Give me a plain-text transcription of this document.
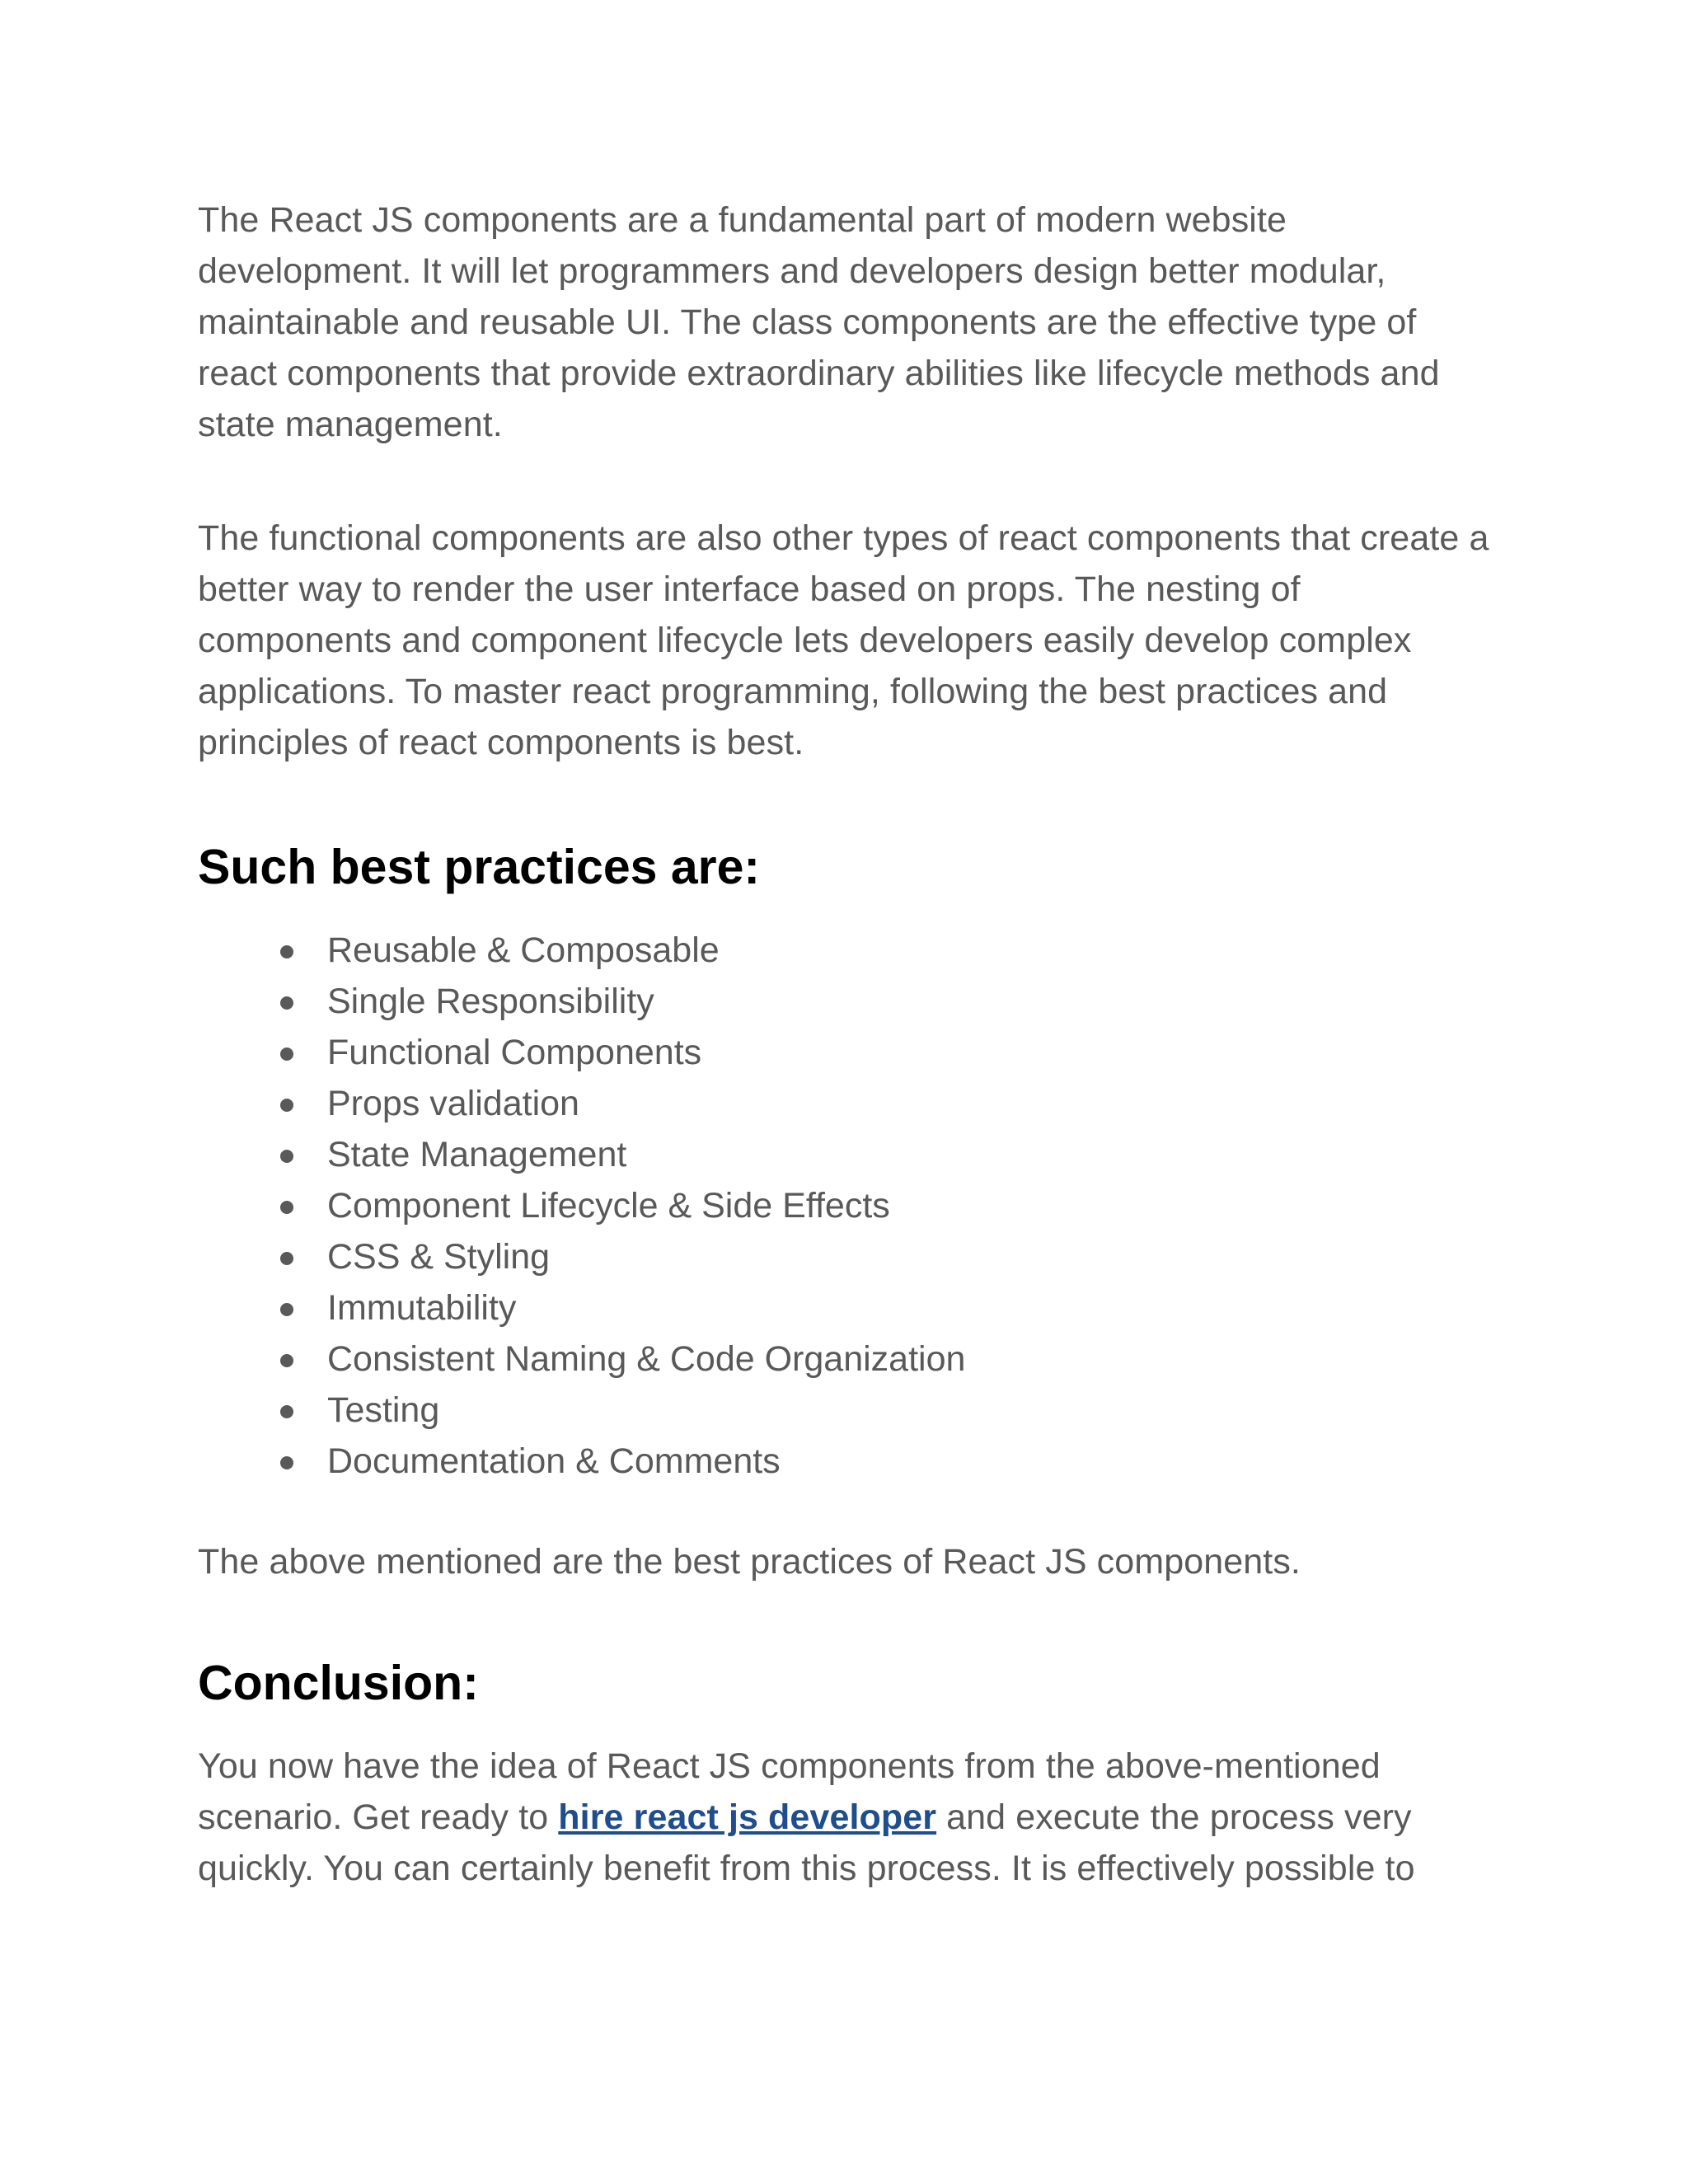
The React JS components are a fundamental part of modern website development. It will let programmers and developers design better modular, maintainable and reusable UI. The class components are the effective type of react components that provide extraordinary abilities like lifecycle methods and state management.

The functional components are also other types of react components that create a better way to render the user interface based on props. The nesting of components and component lifecycle lets developers easily develop complex applications. To master react programming, following the best practices and principles of react components is best.

Such best practices are:
Reusable & Composable
Single Responsibility
Functional Components
Props validation
State Management
Component Lifecycle & Side Effects
CSS & Styling
Immutability
Consistent Naming & Code Organization
Testing
Documentation & Comments

The above mentioned are the best practices of React JS components.

Conclusion:

You now have the idea of React JS components from the above-mentioned scenario. Get ready to hire react js developer and execute the process very quickly. You can certainly benefit from this process. It is effectively possible to
